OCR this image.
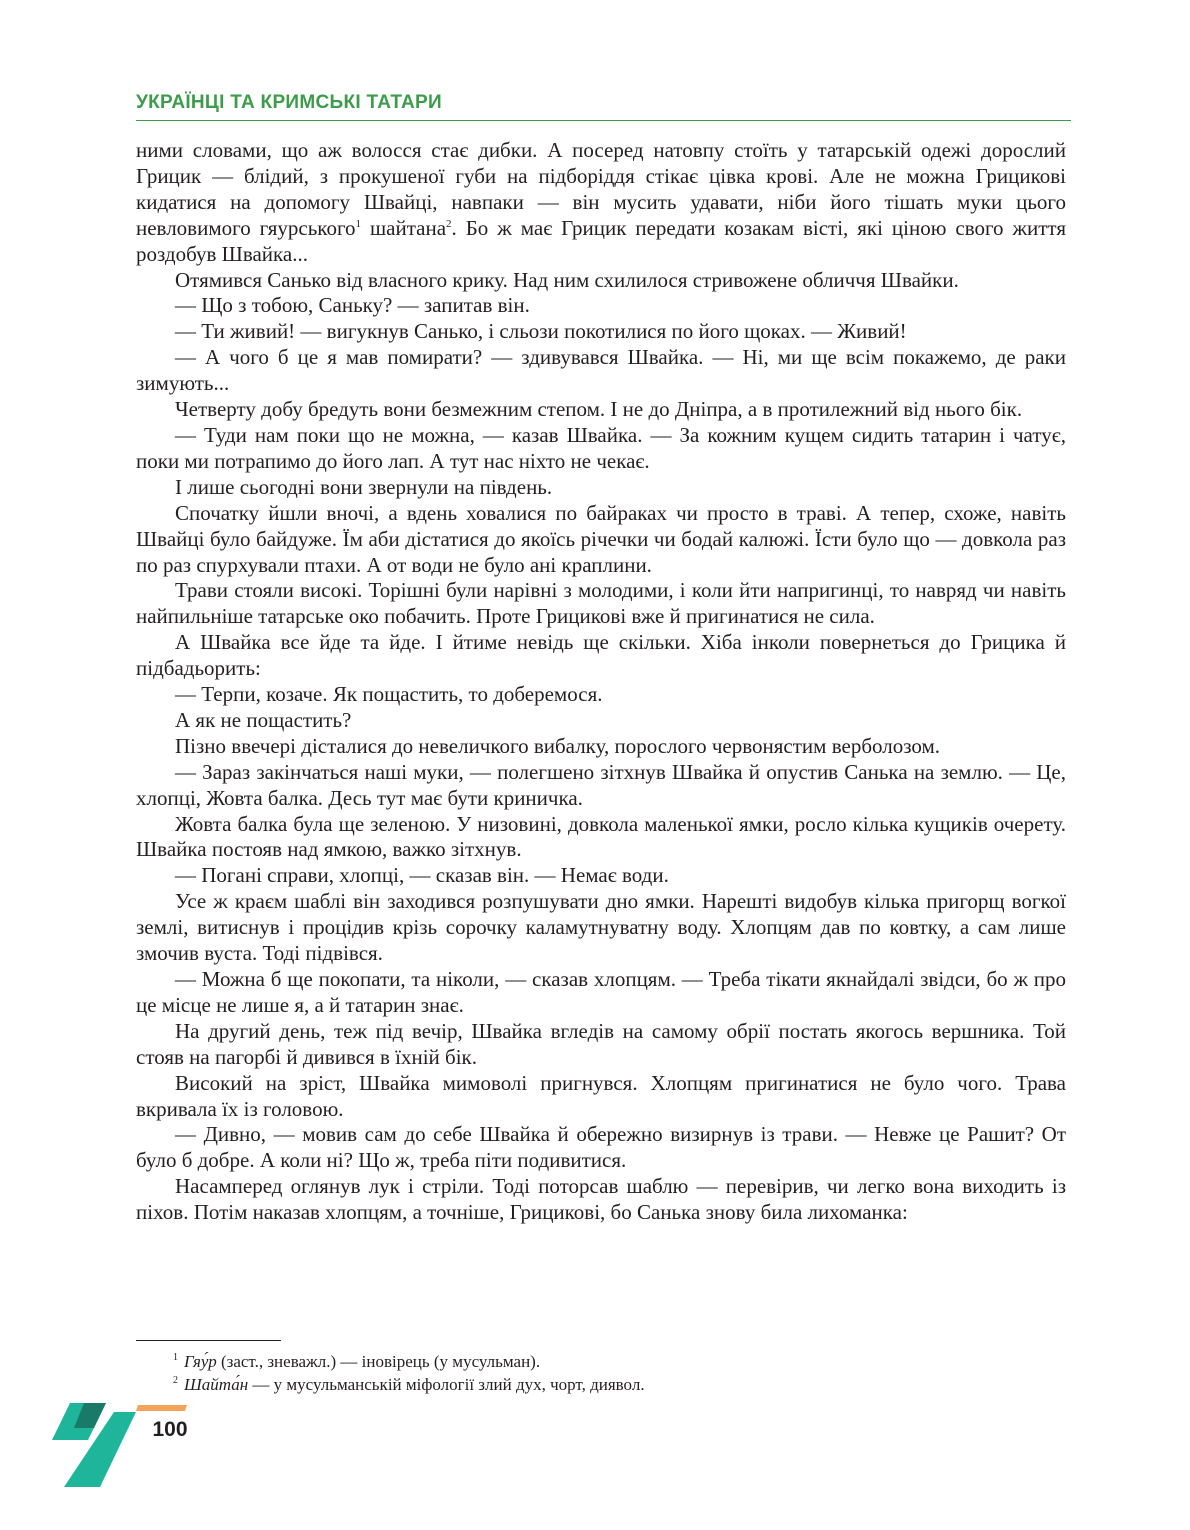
УКРАЇНЦІ ТА КРИМСЬКІ ТАТАРИ

ними словами, що аж волосся стає дибки. А посеред натовпу стоїть у татарській одежі дорослий Грицик — блідий, з прокушеної губи на підборіддя стікає цівка крові. Але не можна Грицикові кидатися на допомогу Швайці, навпаки — він мусить удавати, ніби його тішать муки цього невловимого гяурського$^1$ шайтана$^2$. Бо ж має Грицик передати козакам вісті, які ціною свого життя роздобув Швайка...

Отямився Санько від власного крику. Над ним схилилося стривожене обличчя Швайки.

— Що з тобою, Саньку? — запитав він.

— Ти живий! — вигукнув Санько, і сльози покотилися по його щоках. — Живий!

— А чого б це я мав помирати? — здивувався Швайка. — Ні, ми ще всім покажемо, де раки зимують...

Четверту добу бредуть вони безмежним степом. І не до Дніпра, а в протилежний від нього бік.

— Туди нам поки що не можна, — казав Швайка. — За кожним кущем сидить татарин і чатує, поки ми потрапимо до його лап. А тут нас ніхто не чекає.

І лише сьогодні вони звернули на південь.

Спочатку йшли вночі, а вдень ховалися по байраках чи просто в траві. А тепер, схоже, навіть Швайці було байдуже. Їм аби дістатися до якоїсь річечки чи бодай калюжі. Їсти було що — довкола раз по раз спурхували птахи. А от води не було ані краплини.

Трави стояли високі. Торішні були нарівні з молодими, і коли йти напригинці, то навряд чи навіть найпильніше татарське око побачить. Проте Грицикові вже й пригинатися не сила.

А Швайка все йде та йде. І йтиме невідь ще скільки. Хіба інколи повернеться до Грицика й підбадьорить:

— Терпи, козаче. Як пощастить, то доберемося.

А як не пощастить?

Пізно ввечері дісталися до невеличкого вибалку, порослого червонястим верболозом.

— Зараз закінчаться наші муки, — полегшено зітхнув Швайка й опустив Санька на землю. — Це, хлопці, Жовта балка. Десь тут має бути криничка.

Жовта балка була ще зеленою. У низовині, довкола маленької ямки, росло кілька кущиків очерету. Швайка постояв над ямкою, важко зітхнув.

— Погані справи, хлопці, — сказав він. — Немає води.

Усе ж краєм шаблі він заходився розпушувати дно ямки. Нарешті видобув кілька пригорщ вогкої землі, витиснув і процідив крізь сорочку каламутнуватну воду. Хлопцям дав по ковтку, а сам лише змочив вуста. Тоді підвівся.

— Можна б ще покопати, та ніколи, — сказав хлопцям. — Треба тікати якнайдалі звідси, бо ж про це місце не лише я, а й татарин знає.

На другий день, теж під вечір, Швайка вгледів на самому обрії постать якогось вершника. Той стояв на пагорбі й дивився в їхній бік.

Високий на зріст, Швайка мимоволі пригнувся. Хлопцям пригинатися не було чого. Трава вкривала їх із головою.

— Дивно, — мовив сам до себе Швайка й обережно визирнув із трави. — Невже це Рашит? От було б добре. А коли ні? Що ж, треба піти подивитися.

Насамперед оглянув лук і стріли. Тоді поторсав шаблю — перевірив, чи легко вона виходить із піхов. Потім наказав хлопцям, а точніше, Грицикові, бо Санька знову била лихоманка:

$^1$ Гяу́р (заст., зневажл.) — іновірець (у мусульман).

$^2$ Шайта́н — у мусульманській міфології злий дух, чорт, диявол.

100
